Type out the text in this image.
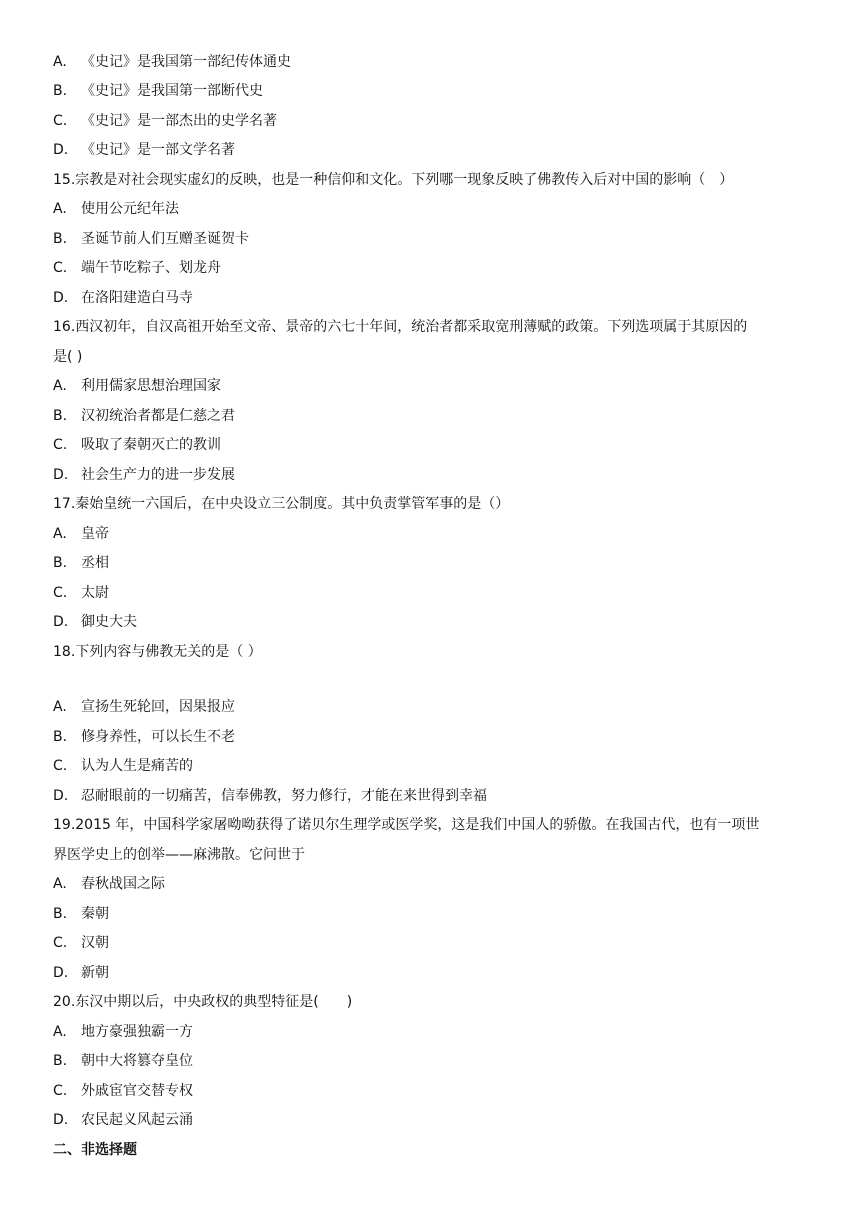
A. 《史记》是我国第一部纪传体通史
B. 《史记》是我国第一部断代史
C. 《史记》是一部杰出的史学名著
D. 《史记》是一部文学名著
15.宗教是对社会现实虚幻的反映，也是一种信仰和文化。下列哪一现象反映了佛教传入后对中国的影响（　）
A. 使用公元纪年法
B. 圣诞节前人们互赠圣诞贺卡
C. 端午节吃粽子、划龙舟
D. 在洛阳建造白马寺
16.西汉初年，自汉高祖开始至文帝、景帝的六七十年间，统治者都采取宽刑薄赋的政策。下列选项属于其原因的
是( )
A. 利用儒家思想治理国家
B. 汉初统治者都是仁慈之君
C. 吸取了秦朝灭亡的教训
D. 社会生产力的进一步发展
17.秦始皇统一六国后，在中央设立三公制度。其中负责掌管军事的是（）
A. 皇帝
B. 丞相
C. 太尉
D. 御史大夫
18.下列内容与佛教无关的是（ ）
A. 宣扬生死轮回，因果报应
B. 修身养性，可以长生不老
C. 认为人生是痛苦的
D. 忍耐眼前的一切痛苦，信奉佛教，努力修行，才能在来世得到幸福
19.2015 年，中国科学家屠呦呦获得了诺贝尔生理学或医学奖，这是我们中国人的骄傲。在我国古代，也有一项世
界医学史上的创举——麻沸散。它问世于
A. 春秋战国之际
B. 秦朝
C. 汉朝
D. 新朝
20.东汉中期以后，中央政权的典型特征是(　　)
A. 地方豪强独霸一方
B. 朝中大将篡夺皇位
C. 外戚宦官交替专权
D. 农民起义风起云涌
二、非选择题
